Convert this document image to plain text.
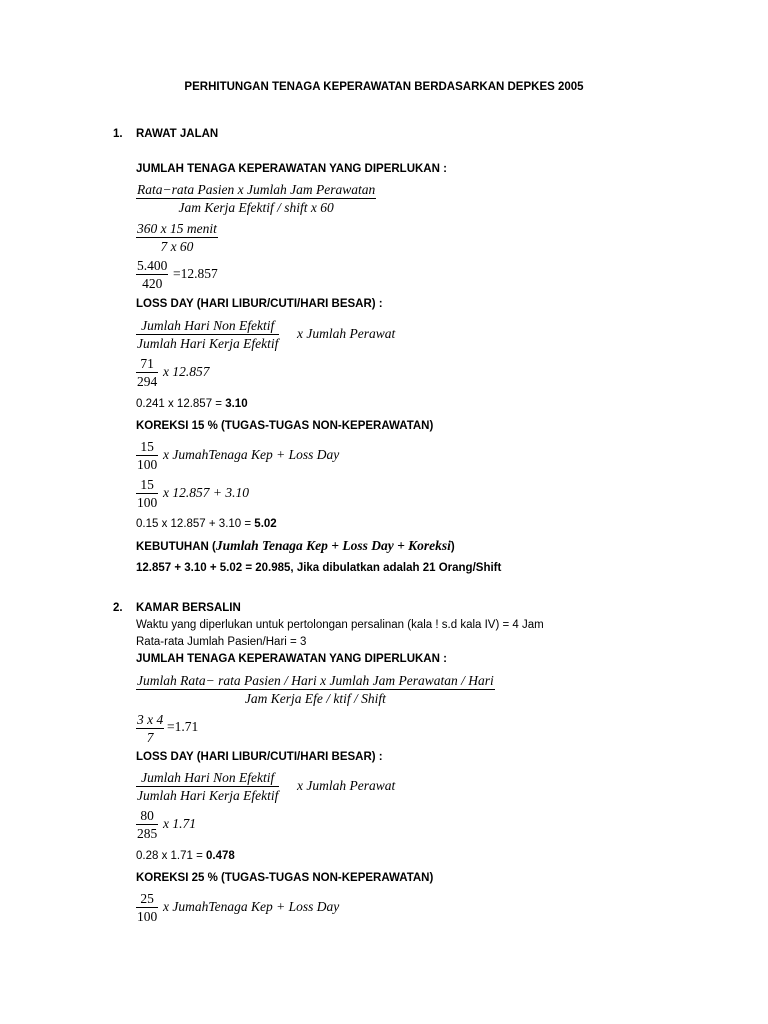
PERHITUNGAN TENAGA KEPERAWATAN BERDASARKAN DEPKES 2005
1. RAWAT JALAN
JUMLAH TENAGA KEPERAWATAN YANG DIPERLUKAN :
Rata−rata Pasien x Jumlah Jam Perawatan
Jam Kerja Efektif / shift x 60
360 x 15 menit
7 x 60
$\frac{5.400}{420} =12.857$
LOSS DAY (HARI LIBUR/CUTI/HARI BESAR) :
Jumlah Hari Non Efektif
Jumlah Hari Kerja Efektif
x Jumlah Perawat
$\frac{71}{294}$ x 12.857
0.241 x 12.857 = 3.10
KOREKSI 15 % (TUGAS-TUGAS NON-KEPERAWATAN)
$\frac{15}{100}$ x JumahTenaga Kep + Loss Day
$\frac{15}{100}$ x 12.857 + 3.10
0.15 x 12.857 + 3.10 = 5.02
KEBUTUHAN (Jumlah Tenaga Kep + Loss Day + Koreksi)
12.857 + 3.10 + 5.02 = 20.985, Jika dibulatkan adalah 21 Orang/Shift
2. KAMAR BERSALIN
Waktu yang diperlukan untuk pertolongan persalinan (kala ! s.d kala IV) = 4 Jam
Rata-rata Jumlah Pasien/Hari = 3
JUMLAH TENAGA KEPERAWATAN YANG DIPERLUKAN :
Jumlah Rata− rata Pasien / Hari x Jumlah Jam Perawatan / Hari
Jam Kerja Efe / ktif / Shift
$\frac{3 x 4}{7} =1.71$
LOSS DAY (HARI LIBUR/CUTI/HARI BESAR) :
Jumlah Hari Non Efektif
Jumlah Hari Kerja Efektif
x Jumlah Perawat
$\frac{80}{285}$ x 1.71
0.28 x 1.71 = 0.478
KOREKSI 25 % (TUGAS-TUGAS NON-KEPERAWATAN)
$\frac{25}{100}$ x JumahTenaga Kep + Loss Day
